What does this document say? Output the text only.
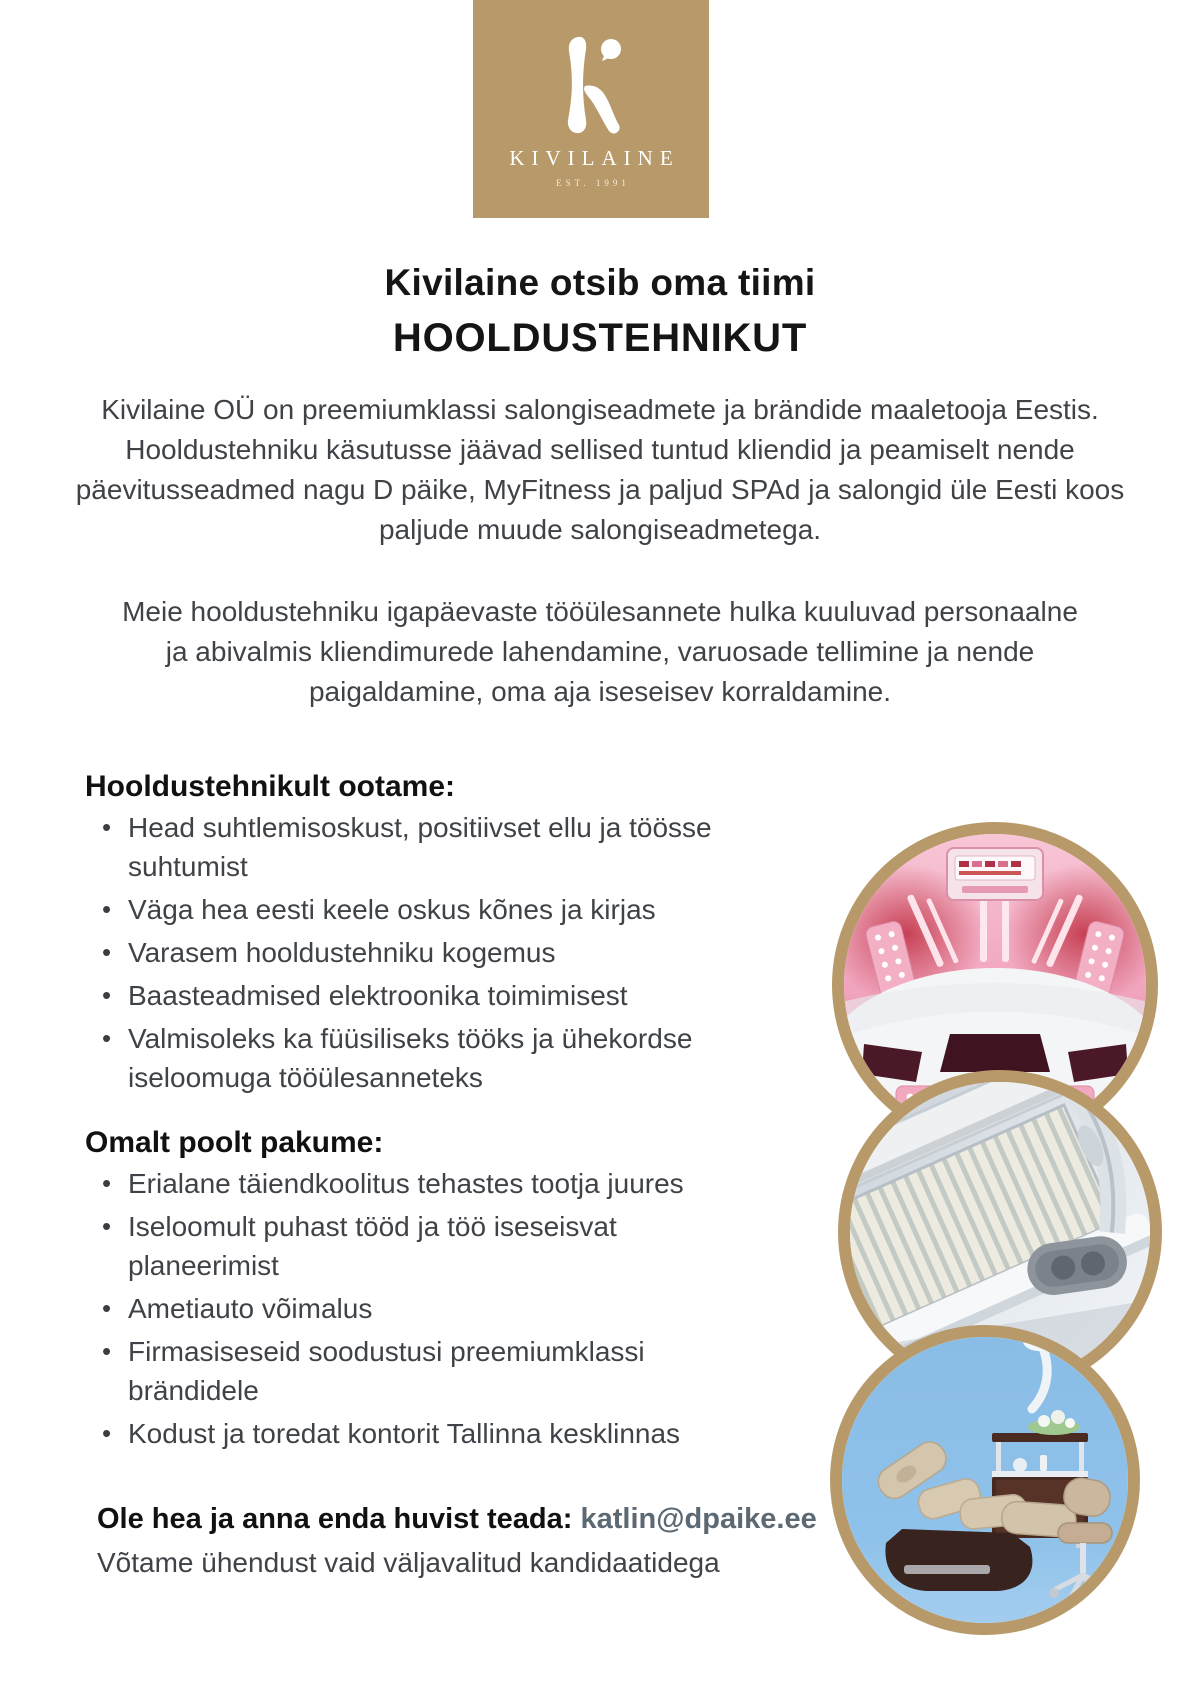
KIVILAINE
EST. 1991
Kivilaine otsib oma tiimi
HOOLDUSTEHNIKUT

Kivilaine OÜ on preemiumklassi salongiseadmete ja brändide maaletooja Eestis. Hooldustehniku käsutusse jäävad sellised tuntud kliendid ja peamiselt nende päevitusseadmed nagu D päike, MyFitness ja paljud SPAd ja salongid üle Eesti koos paljude muude salongiseadmetega.

Meie hooldustehniku igapäevaste tööülesannete hulka kuuluvad personaalne ja abivalmis kliendimurede lahendamine, varuosade tellimine ja nende paigaldamine, oma aja iseseisev korraldamine.

Hooldustehnikult ootame:
• Head suhtlemisoskust, positiivset ellu ja töösse suhtumist
• Väga hea eesti keele oskus kõnes ja kirjas
• Varasem hooldustehniku kogemus
• Baasteadmised elektroonika toimimisest
• Valmisoleks ka füüsiliseks tööks ja ühekordse iseloomuga tööülesanneteks
Omalt poolt pakume:
• Erialane täiendkoolitus tehastes tootja juures
• Iseloomult puhast tööd ja töö iseseisvat planeerimist
• Ametiauto võimalus
• Firmasiseseid soodustusi preemiumklassi brändidele
• Kodust ja toredat kontorit Tallinna kesklinnas
Ole hea ja anna enda huvist teada: katlin@dpaike.ee
Võtame ühendust vaid väljavalitud kandidaatidega
